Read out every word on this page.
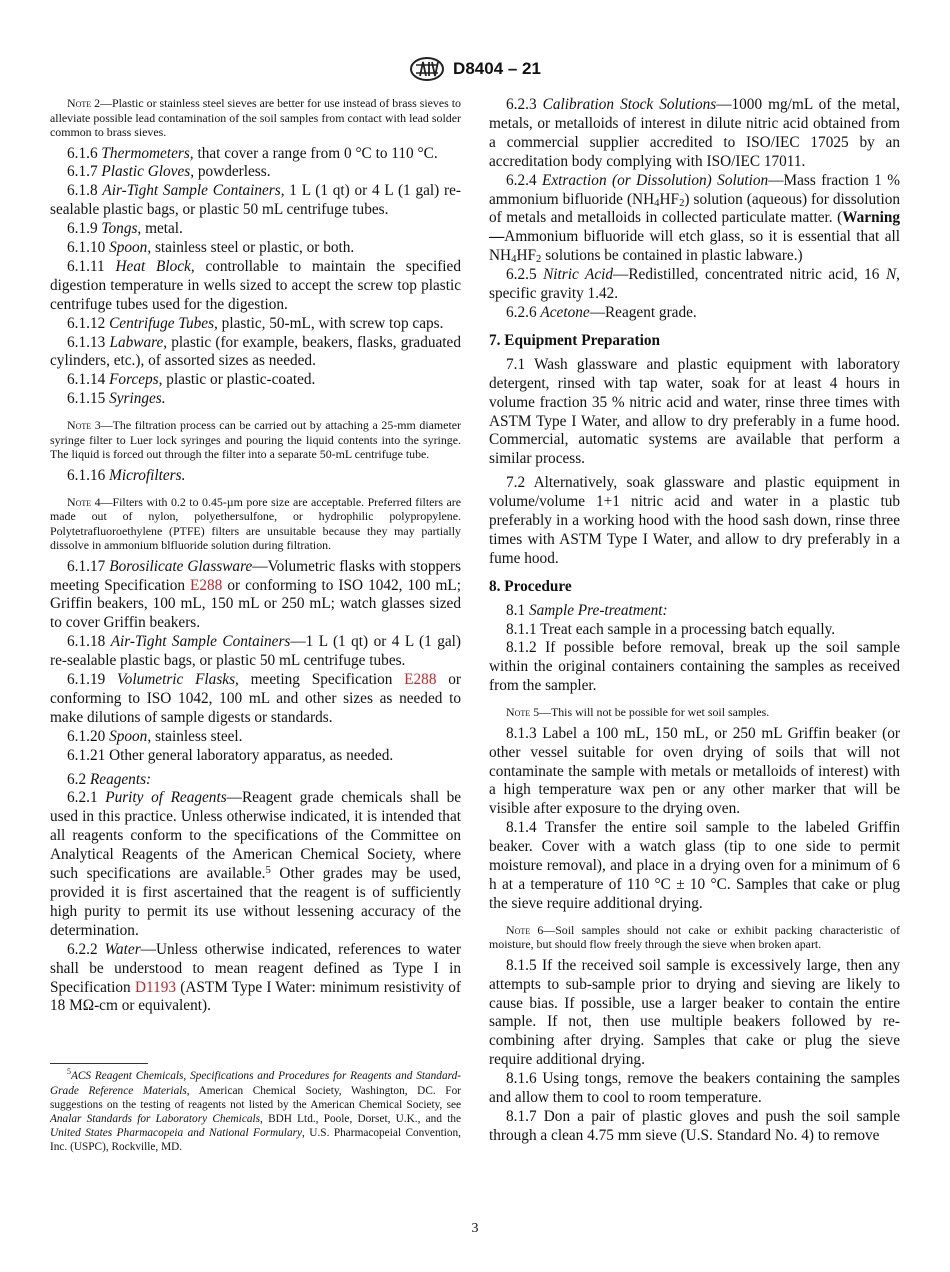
D8404 – 21

Note 2—Plastic or stainless steel sieves are better for use instead of brass sieves to alleviate possible lead contamination of the soil samples from contact with lead solder common to brass sieves.

6.1.6 Thermometers, that cover a range from 0 °C to 110 °C.

6.1.7 Plastic Gloves, powderless.

6.1.8 Air-Tight Sample Containers, 1 L (1 qt) or 4 L (1 gal) re-sealable plastic bags, or plastic 50 mL centrifuge tubes.

6.1.9 Tongs, metal.

6.1.10 Spoon, stainless steel or plastic, or both.

6.1.11 Heat Block, controllable to maintain the specified digestion temperature in wells sized to accept the screw top plastic centrifuge tubes used for the digestion.

6.1.12 Centrifuge Tubes, plastic, 50-mL, with screw top caps.

6.1.13 Labware, plastic (for example, beakers, flasks, graduated cylinders, etc.), of assorted sizes as needed.

6.1.14 Forceps, plastic or plastic-coated.

6.1.15 Syringes.

Note 3—The filtration process can be carried out by attaching a 25-mm diameter syringe filter to Luer lock syringes and pouring the liquid contents into the syringe. The liquid is forced out through the filter into a separate 50-mL centrifuge tube.

6.1.16 Microfilters.

Note 4—Filters with 0.2 to 0.45-µm pore size are acceptable. Preferred filters are made out of nylon, polyethersulfone, or hydrophilic polypropylene. Polytetrafluoroethylene (PTFE) filters are unsuitable because they may partially dissolve in ammonium blfluoride solution during filtration.

6.1.17 Borosilicate Glassware—Volumetric flasks with stoppers meeting Specification E288 or conforming to ISO 1042, 100 mL; Griffin beakers, 100 mL, 150 mL or 250 mL; watch glasses sized to cover Griffin beakers.

6.1.18 Air-Tight Sample Containers—1 L (1 qt) or 4 L (1 gal) re-sealable plastic bags, or plastic 50 mL centrifuge tubes.

6.1.19 Volumetric Flasks, meeting Specification E288 or conforming to ISO 1042, 100 mL and other sizes as needed to make dilutions of sample digests or standards.

6.1.20 Spoon, stainless steel.

6.1.21 Other general laboratory apparatus, as needed.

6.2 Reagents:

6.2.1 Purity of Reagents—Reagent grade chemicals shall be used in this practice. Unless otherwise indicated, it is intended that all reagents conform to the specifications of the Committee on Analytical Reagents of the American Chemical Society, where such specifications are available.$^5$ Other grades may be used, provided it is first ascertained that the reagent is of sufficiently high purity to permit its use without lessening accuracy of the determination.

6.2.2 Water—Unless otherwise indicated, references to water shall be understood to mean reagent defined as Type I in Specification D1193 (ASTM Type I Water: minimum resistivity of 18 MΩ-cm or equivalent).

$^5$ACS Reagent Chemicals, Specifications and Procedures for Reagents and Standard-Grade Reference Materials, American Chemical Society, Washington, DC. For suggestions on the testing of reagents not listed by the American Chemical Society, see Analar Standards for Laboratory Chemicals, BDH Ltd., Poole, Dorset, U.K., and the United States Pharmacopeia and National Formulary, U.S. Pharmacopeial Convention, Inc. (USPC), Rockville, MD.

6.2.3 Calibration Stock Solutions—1000 mg/mL of the metal, metals, or metalloids of interest in dilute nitric acid obtained from a commercial supplier accredited to ISO/IEC 17025 by an accreditation body complying with ISO/IEC 17011.

6.2.4 Extraction (or Dissolution) Solution—Mass fraction 1 % ammonium bifluoride $(NH_4HF_2)$ solution (aqueous) for dissolution of metals and metalloids in collected particulate matter. (Warning—Ammonium bifluoride will etch glass, so it is essential that all $NH_4HF_2$ solutions be contained in plastic labware.)

6.2.5 Nitric Acid—Redistilled, concentrated nitric acid, 16 N, specific gravity 1.42.

6.2.6 Acetone—Reagent grade.

7. Equipment Preparation

7.1 Wash glassware and plastic equipment with laboratory detergent, rinsed with tap water, soak for at least 4 hours in volume fraction 35 % nitric acid and water, rinse three times with ASTM Type I Water, and allow to dry preferably in a fume hood. Commercial, automatic systems are available that perform a similar process.

7.2 Alternatively, soak glassware and plastic equipment in volume/volume 1+1 nitric acid and water in a plastic tub preferably in a working hood with the hood sash down, rinse three times with ASTM Type I Water, and allow to dry preferably in a fume hood.

8. Procedure

8.1 Sample Pre-treatment:

8.1.1 Treat each sample in a processing batch equally.

8.1.2 If possible before removal, break up the soil sample within the original containers containing the samples as received from the sampler.

Note 5—This will not be possible for wet soil samples.

8.1.3 Label a 100 mL, 150 mL, or 250 mL Griffin beaker (or other vessel suitable for oven drying of soils that will not contaminate the sample with metals or metalloids of interest) with a high temperature wax pen or any other marker that will be visible after exposure to the drying oven.

8.1.4 Transfer the entire soil sample to the labeled Griffin beaker. Cover with a watch glass (tip to one side to permit moisture removal), and place in a drying oven for a minimum of 6 h at a temperature of 110 °C ± 10 °C. Samples that cake or plug the sieve require additional drying.

Note 6—Soil samples should not cake or exhibit packing characteristic of moisture, but should flow freely through the sieve when broken apart.

8.1.5 If the received soil sample is excessively large, then any attempts to sub-sample prior to drying and sieving are likely to cause bias. If possible, use a larger beaker to contain the entire sample. If not, then use multiple beakers followed by re-combining after drying. Samples that cake or plug the sieve require additional drying.

8.1.6 Using tongs, remove the beakers containing the samples and allow them to cool to room temperature.

8.1.7 Don a pair of plastic gloves and push the soil sample through a clean 4.75 mm sieve (U.S. Standard No. 4) to remove

3
